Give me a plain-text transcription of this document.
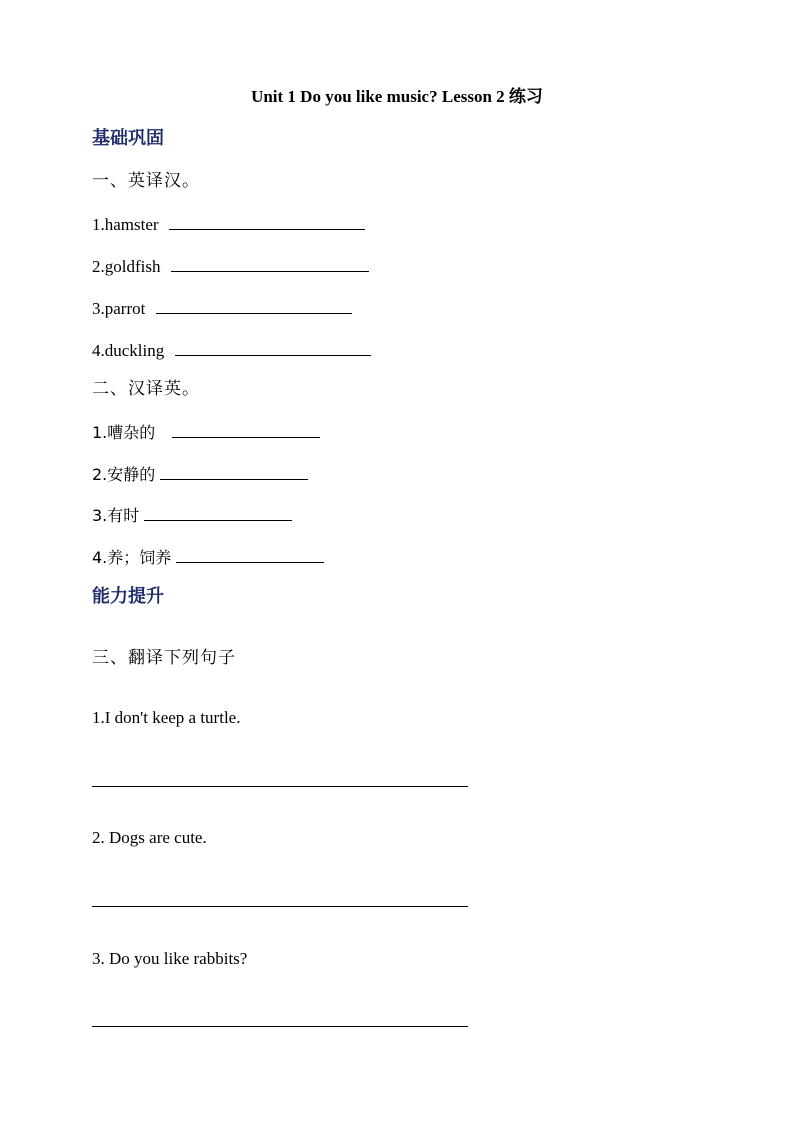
Unit 1 Do you like music? Lesson 2 练习
基础巩固
一、英译汉。
1.hamster
2.goldfish
3.parrot
4.duckling
二、汉译英。
1.嘈杂的
2.安静的
3.有时
4.养；饲养
能力提升
三、翻译下列句子
1.I don't keep a turtle.
2. Dogs are cute.
3. Do you like rabbits?
